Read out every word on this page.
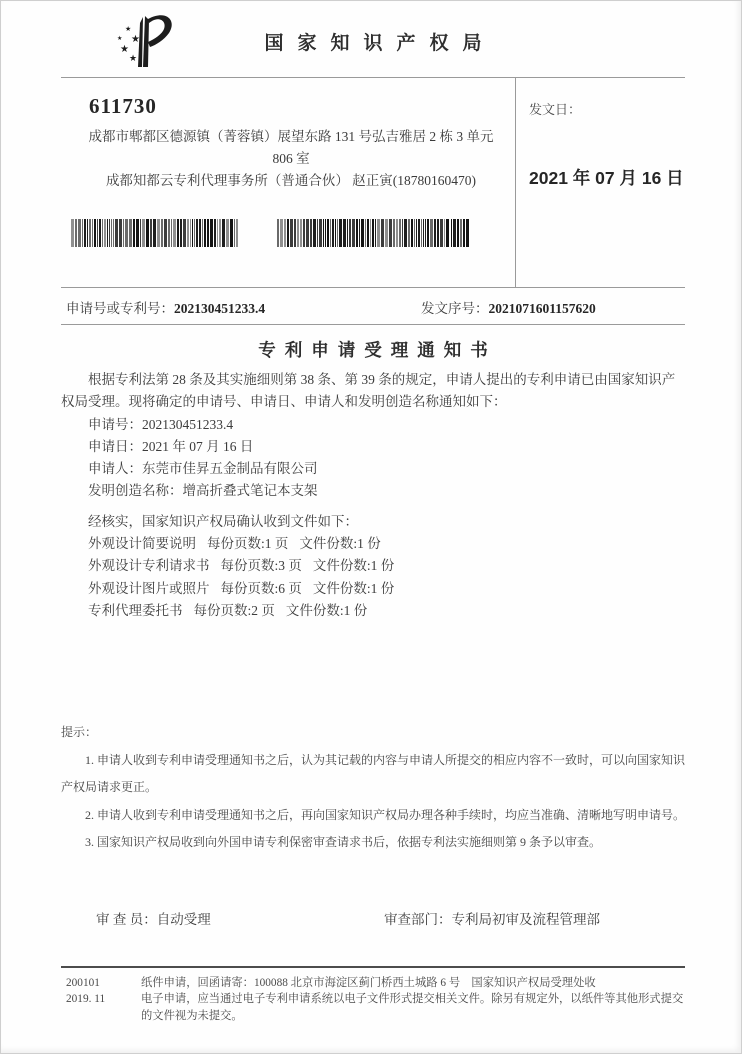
★
★
★
★
★
国家知识产权局
611730
成都市郫都区德源镇（菁蓉镇）展望东路 131 号弘吉雅居 2 栋 3 单元
806 室
成都知都云专利代理事务所（普通合伙） 赵正寅(18780160470)
发文日：
2021 年 07 月 16 日
申请号或专利号：202130451233.4	发文序号：2021071601157620
专利申请受理通知书

根据专利法第 28 条及其实施细则第 38 条、第 39 条的规定，申请人提出的专利申请已由国家知识产权局受理。现将确定的申请号、申请日、申请人和发明创造名称通知如下：

申请号：202130451233.4
申请日：2021 年 07 月 16 日
申请人：东莞市佳昇五金制品有限公司
发明创造名称：增高折叠式笔记本支架
经核实，国家知识产权局确认收到文件如下：
外观设计简要说明 每份页数:1 页 文件份数:1 份
外观设计专利请求书 每份页数:3 页 文件份数:1 份
外观设计图片或照片 每份页数:6 页 文件份数:1 份
专利代理委托书 每份页数:2 页 文件份数:1 份
提示：

1. 申请人收到专利申请受理通知书之后，认为其记载的内容与申请人所提交的相应内容不一致时，可以向国家知识产权局请求更正。

2. 申请人收到专利申请受理通知书之后，再向国家知识产权局办理各种手续时，均应当准确、清晰地写明申请号。

3. 国家知识产权局收到向外国申请专利保密审查请求书后，依据专利法实施细则第 9 条予以审查。

审 查 员：自动受理	审查部门：专利局初审及流程管理部
200101
2019. 11
纸件申请，回函请寄：100088 北京市海淀区蓟门桥西土城路 6 号　国家知识产权局受理处收
电子申请，应当通过电子专利申请系统以电子文件形式提交相关文件。除另有规定外，以纸件等其他形式提交的文件视为未提交。
